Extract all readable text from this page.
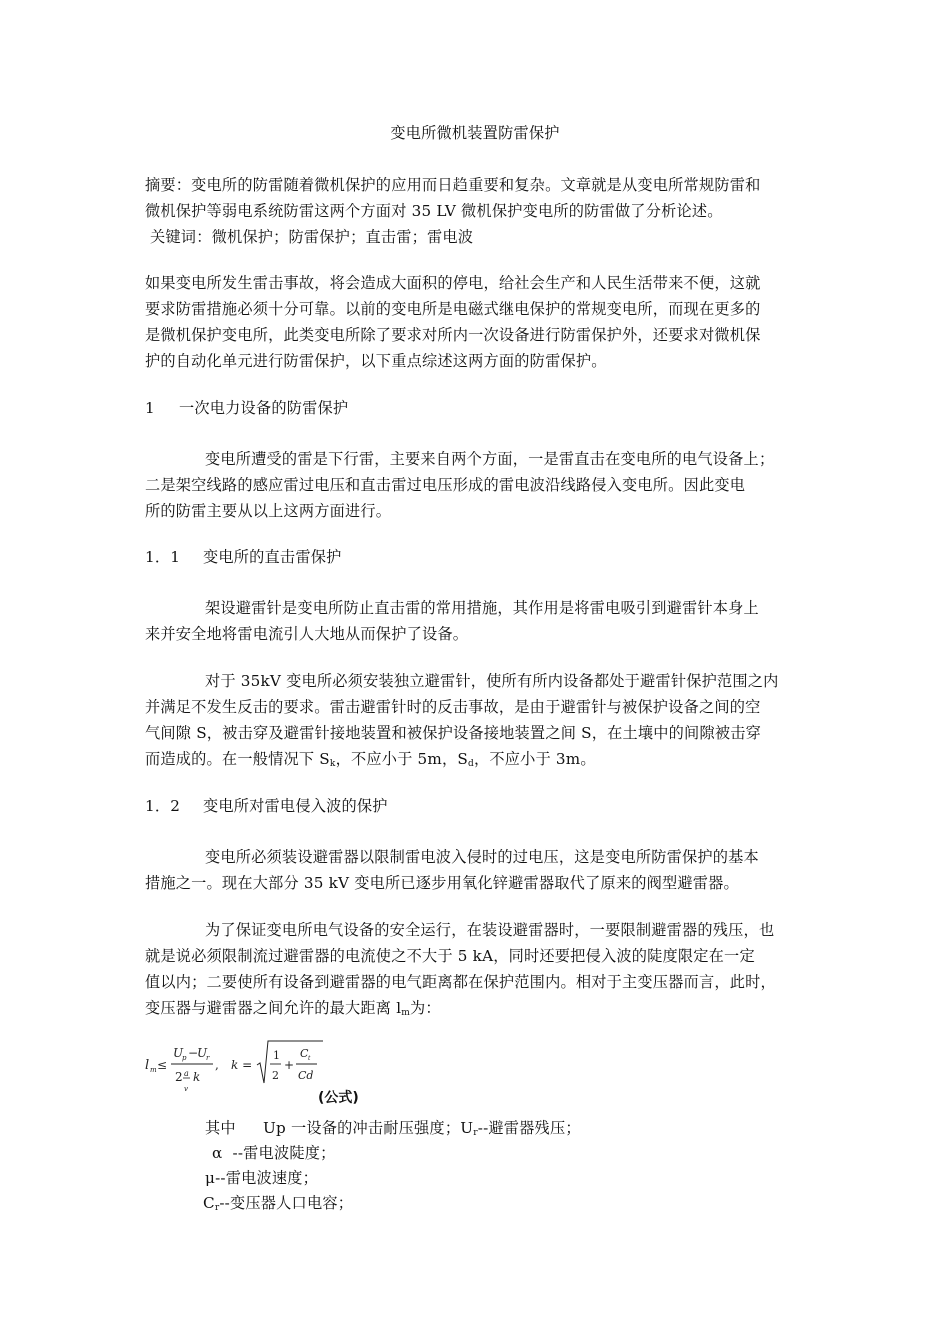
变电所微机装置防雷保护
摘要：变电所的防雷随着微机保护的应用而日趋重要和复杂。文章就是从变电所常规防雷和
微机保护等弱电系统防雷这两个方面对 35 LV 微机保护变电所的防雷做了分析论述。
关键词：微机保护；防雷保护；直击雷；雷电波
如果变电所发生雷击事故，将会造成大面积的停电，给社会生产和人民生活带来不便，这就
要求防雷措施必须十分可靠。以前的变电所是电磁式继电保护的常规变电所，而现在更多的
是微机保护变电所，此类变电所除了要求对所内一次设备进行防雷保护外，还要求对微机保
护的自动化单元进行防雷保护，以下重点综述这两方面的防雷保护。
1 一次电力设备的防雷保护
变电所遭受的雷是下行雷，主要来自两个方面，一是雷直击在变电所的电气设备上；
二是架空线路的感应雷过电压和直击雷过电压形成的雷电波沿线路侵入变电所。因此变电
所的防雷主要从以上这两方面进行。
1．1 变电所的直击雷保护
架设避雷针是变电所防止直击雷的常用措施，其作用是将雷电吸引到避雷针本身上
来并安全地将雷电流引人大地从而保护了设备。
对于 35kV 变电所必须安装独立避雷针，使所有所内设备都处于避雷针保护范围之内
并满足不发生反击的要求。雷击避雷针时的反击事故，是由于避雷针与被保护设备之间的空
气间隙 S，被击穿及避雷针接地装置和被保护设备接地装置之间 S，在土壤中的间隙被击穿
而造成的。在一般情况下 $S_k$，不应小于 5m，$S_d$，不应小于 3m。
1．2 变电所对雷电侵入波的保护
变电所必须装设避雷器以限制雷电波入侵时的过电压，这是变电所防雷保护的基本
措施之一。现在大部分 35 kV 变电所已逐步用氧化锌避雷器取代了原来的阀型避雷器。
为了保证变电所电气设备的安全运行，在装设避雷器时，一要限制避雷器的残压，也
就是说必须限制流过避雷器的电流使之不大于 5 kA，同时还要把侵入波的陡度限定在一定
值以内；二要使所有设备到避雷器的电气距离都在保护范围内。相对于主变压器而言，此时，
变压器与避雷器之间允许的最大距离 $l_m$为：
l m ≤
U
p −
U
r
2 a
v
k
, k =
1
2
+
C t
Cd
(公式)
其中 Up 一设备的冲击耐压强度；$U_r--$避雷器残压；
α  --雷电波陡度；
μ--雷电波速度；
$C_r--$变压器人口电容；
